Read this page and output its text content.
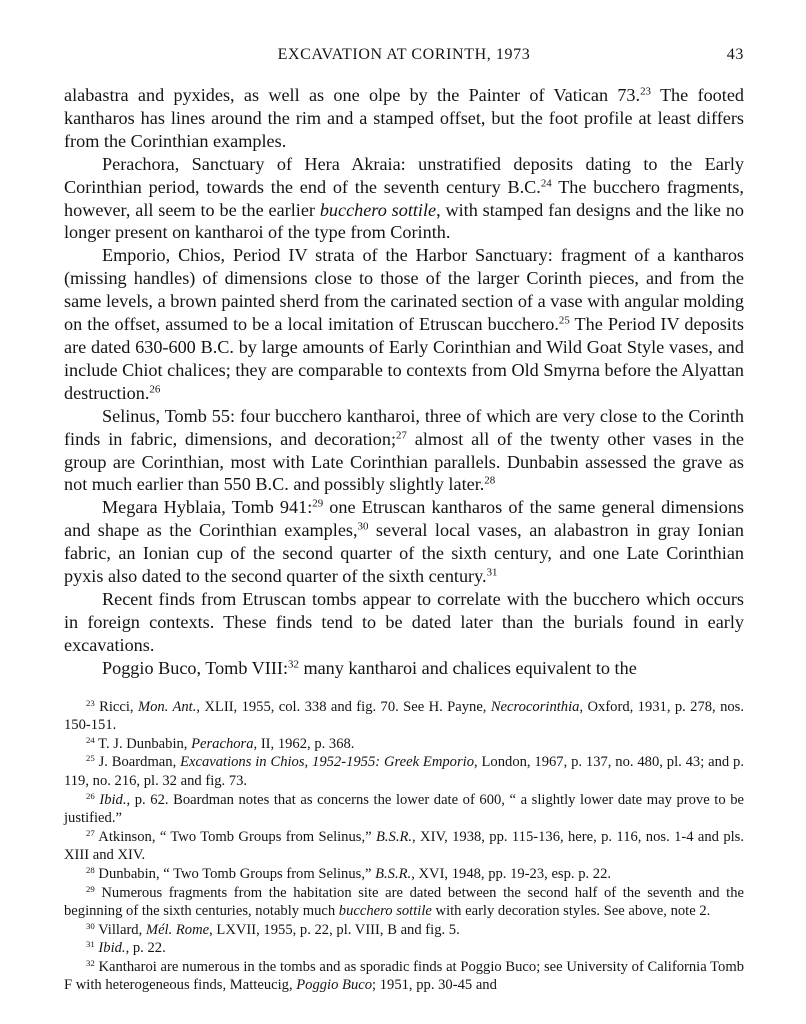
EXCAVATION AT CORINTH, 1973	43

alabastra and pyxides, as well as one olpe by the Painter of Vatican 73.23 The footed kantharos has lines around the rim and a stamped offset, but the foot profile at least differs from the Corinthian examples.

Perachora, Sanctuary of Hera Akraia: unstratified deposits dating to the Early Corinthian period, towards the end of the seventh century B.C.$^{24}$ The bucchero fragments, however, all seem to be the earlier bucchero sottile, with stamped fan designs and the like no longer present on kantharoi of the type from Corinth.

Emporio, Chios, Period IV strata of the Harbor Sanctuary: fragment of a kantharos (missing handles) of dimensions close to those of the larger Corinth pieces, and from the same levels, a brown painted sherd from the carinated section of a vase with angular molding on the offset, assumed to be a local imitation of Etruscan bucchero.$^{25}$ The Period IV deposits are dated 630-600 B.C. by large amounts of Early Corinthian and Wild Goat Style vases, and include Chiot chalices; they are comparable to contexts from Old Smyrna before the Alyattan destruction.$^{26}$

Selinus, Tomb 55: four bucchero kantharoi, three of which are very close to the Corinth finds in fabric, dimensions, and decoration;$^{27}$ almost all of the twenty other vases in the group are Corinthian, most with Late Corinthian parallels. Dunbabin assessed the grave as not much earlier than 550 B.C. and possibly slightly later.$^{28}$

Megara Hyblaia, Tomb 941:$^{29}$ one Etruscan kantharos of the same general dimensions and shape as the Corinthian examples,$^{30}$ several local vases, an alabastron in gray Ionian fabric, an Ionian cup of the second quarter of the sixth century, and one Late Corinthian pyxis also dated to the second quarter of the sixth century.$^{31}$

Recent finds from Etruscan tombs appear to correlate with the bucchero which occurs in foreign contexts. These finds tend to be dated later than the burials found in early excavations.

Poggio Buco, Tomb VIII:$^{32}$ many kantharoi and chalices equivalent to the

$^{23}$ Ricci, Mon. Ant., XLII, 1955, col. 338 and fig. 70. See H. Payne, Necrocorinthia, Oxford, 1931, p. 278, nos. 150-151.

$^{24}$ T. J. Dunbabin, Perachora, II, 1962, p. 368.

$^{25}$ J. Boardman, Excavations in Chios, 1952-1955: Greek Emporio, London, 1967, p. 137, no. 480, pl. 43; and p. 119, no. 216, pl. 32 and fig. 73.

$^{26}$ Ibid., p. 62. Boardman notes that as concerns the lower date of 600, “ a slightly lower date may prove to be justified.”

$^{27}$ Atkinson, “ Two Tomb Groups from Selinus,” B.S.R., XIV, 1938, pp. 115-136, here, p. 116, nos. 1-4 and pls. XIII and XIV.

$^{28}$ Dunbabin, “ Two Tomb Groups from Selinus,” B.S.R., XVI, 1948, pp. 19-23, esp. p. 22.

$^{29}$ Numerous fragments from the habitation site are dated between the second half of the seventh and the beginning of the sixth centuries, notably much bucchero sottile with early decoration styles. See above, note 2.

$^{30}$ Villard, Mél. Rome, LXVII, 1955, p. 22, pl. VIII, B and fig. 5.

$^{31}$ Ibid., p. 22.

$^{32}$ Kantharoi are numerous in the tombs and as sporadic finds at Poggio Buco; see University of California Tomb F with heterogeneous finds, Matteucig, Poggio Buco; 1951, pp. 30-45 and
